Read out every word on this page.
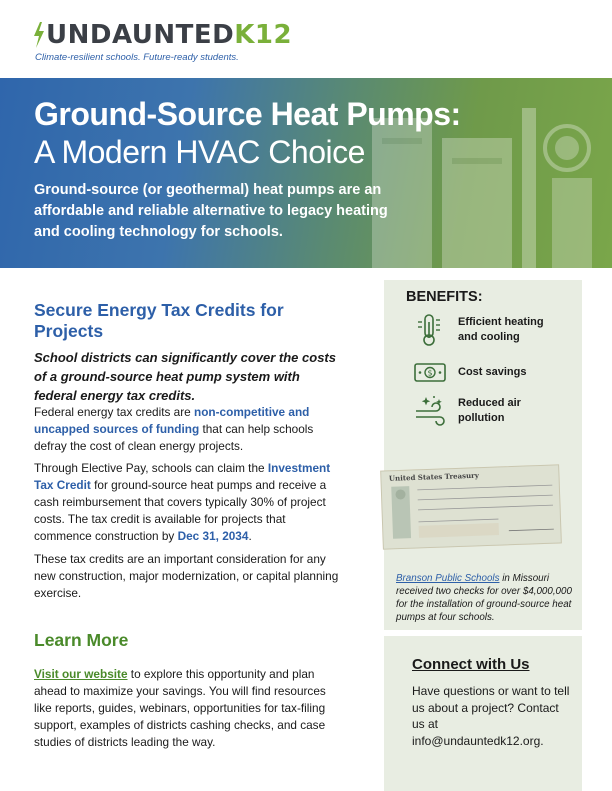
UNDAUNTED K12
Climate-resilient schools. Future-ready students.
Ground-Source Heat Pumps:
A Modern HVAC Choice

Ground-source (or geothermal) heat pumps are an affordable and reliable alternative to legacy heating and cooling technology for schools.

Secure Energy Tax Credits for Projects

School districts can significantly cover the costs of a ground-source heat pump system with federal energy tax credits.

Federal energy tax credits are non-competitive and uncapped sources of funding that can help schools defray the cost of clean energy projects.

Through Elective Pay, schools can claim the Investment Tax Credit for ground-source heat pumps and receive a cash reimbursement that covers typically 30% of project costs. The tax credit is available for projects that commence construction by Dec 31, 2034.

These tax credits are an important consideration for any new construction, major modernization, or capital planning exercise.

Learn More

Visit our website to explore this opportunity and plan ahead to maximize your savings. You will find resources like reports, guides, webinars, opportunities for tax-filing support, examples of districts cashing checks, and case studies of districts leading the way.

BENEFITS:
Efficient heating and cooling
$ Cost savings
Reduced air pollution
United States Treasury

Branson Public Schools in Missouri received two checks for over $4,000,000 for the installation of ground-source heat pumps at four schools.

Connect with Us

Have questions or want to tell us about a project? Contact us at info@undauntedk12.org.
